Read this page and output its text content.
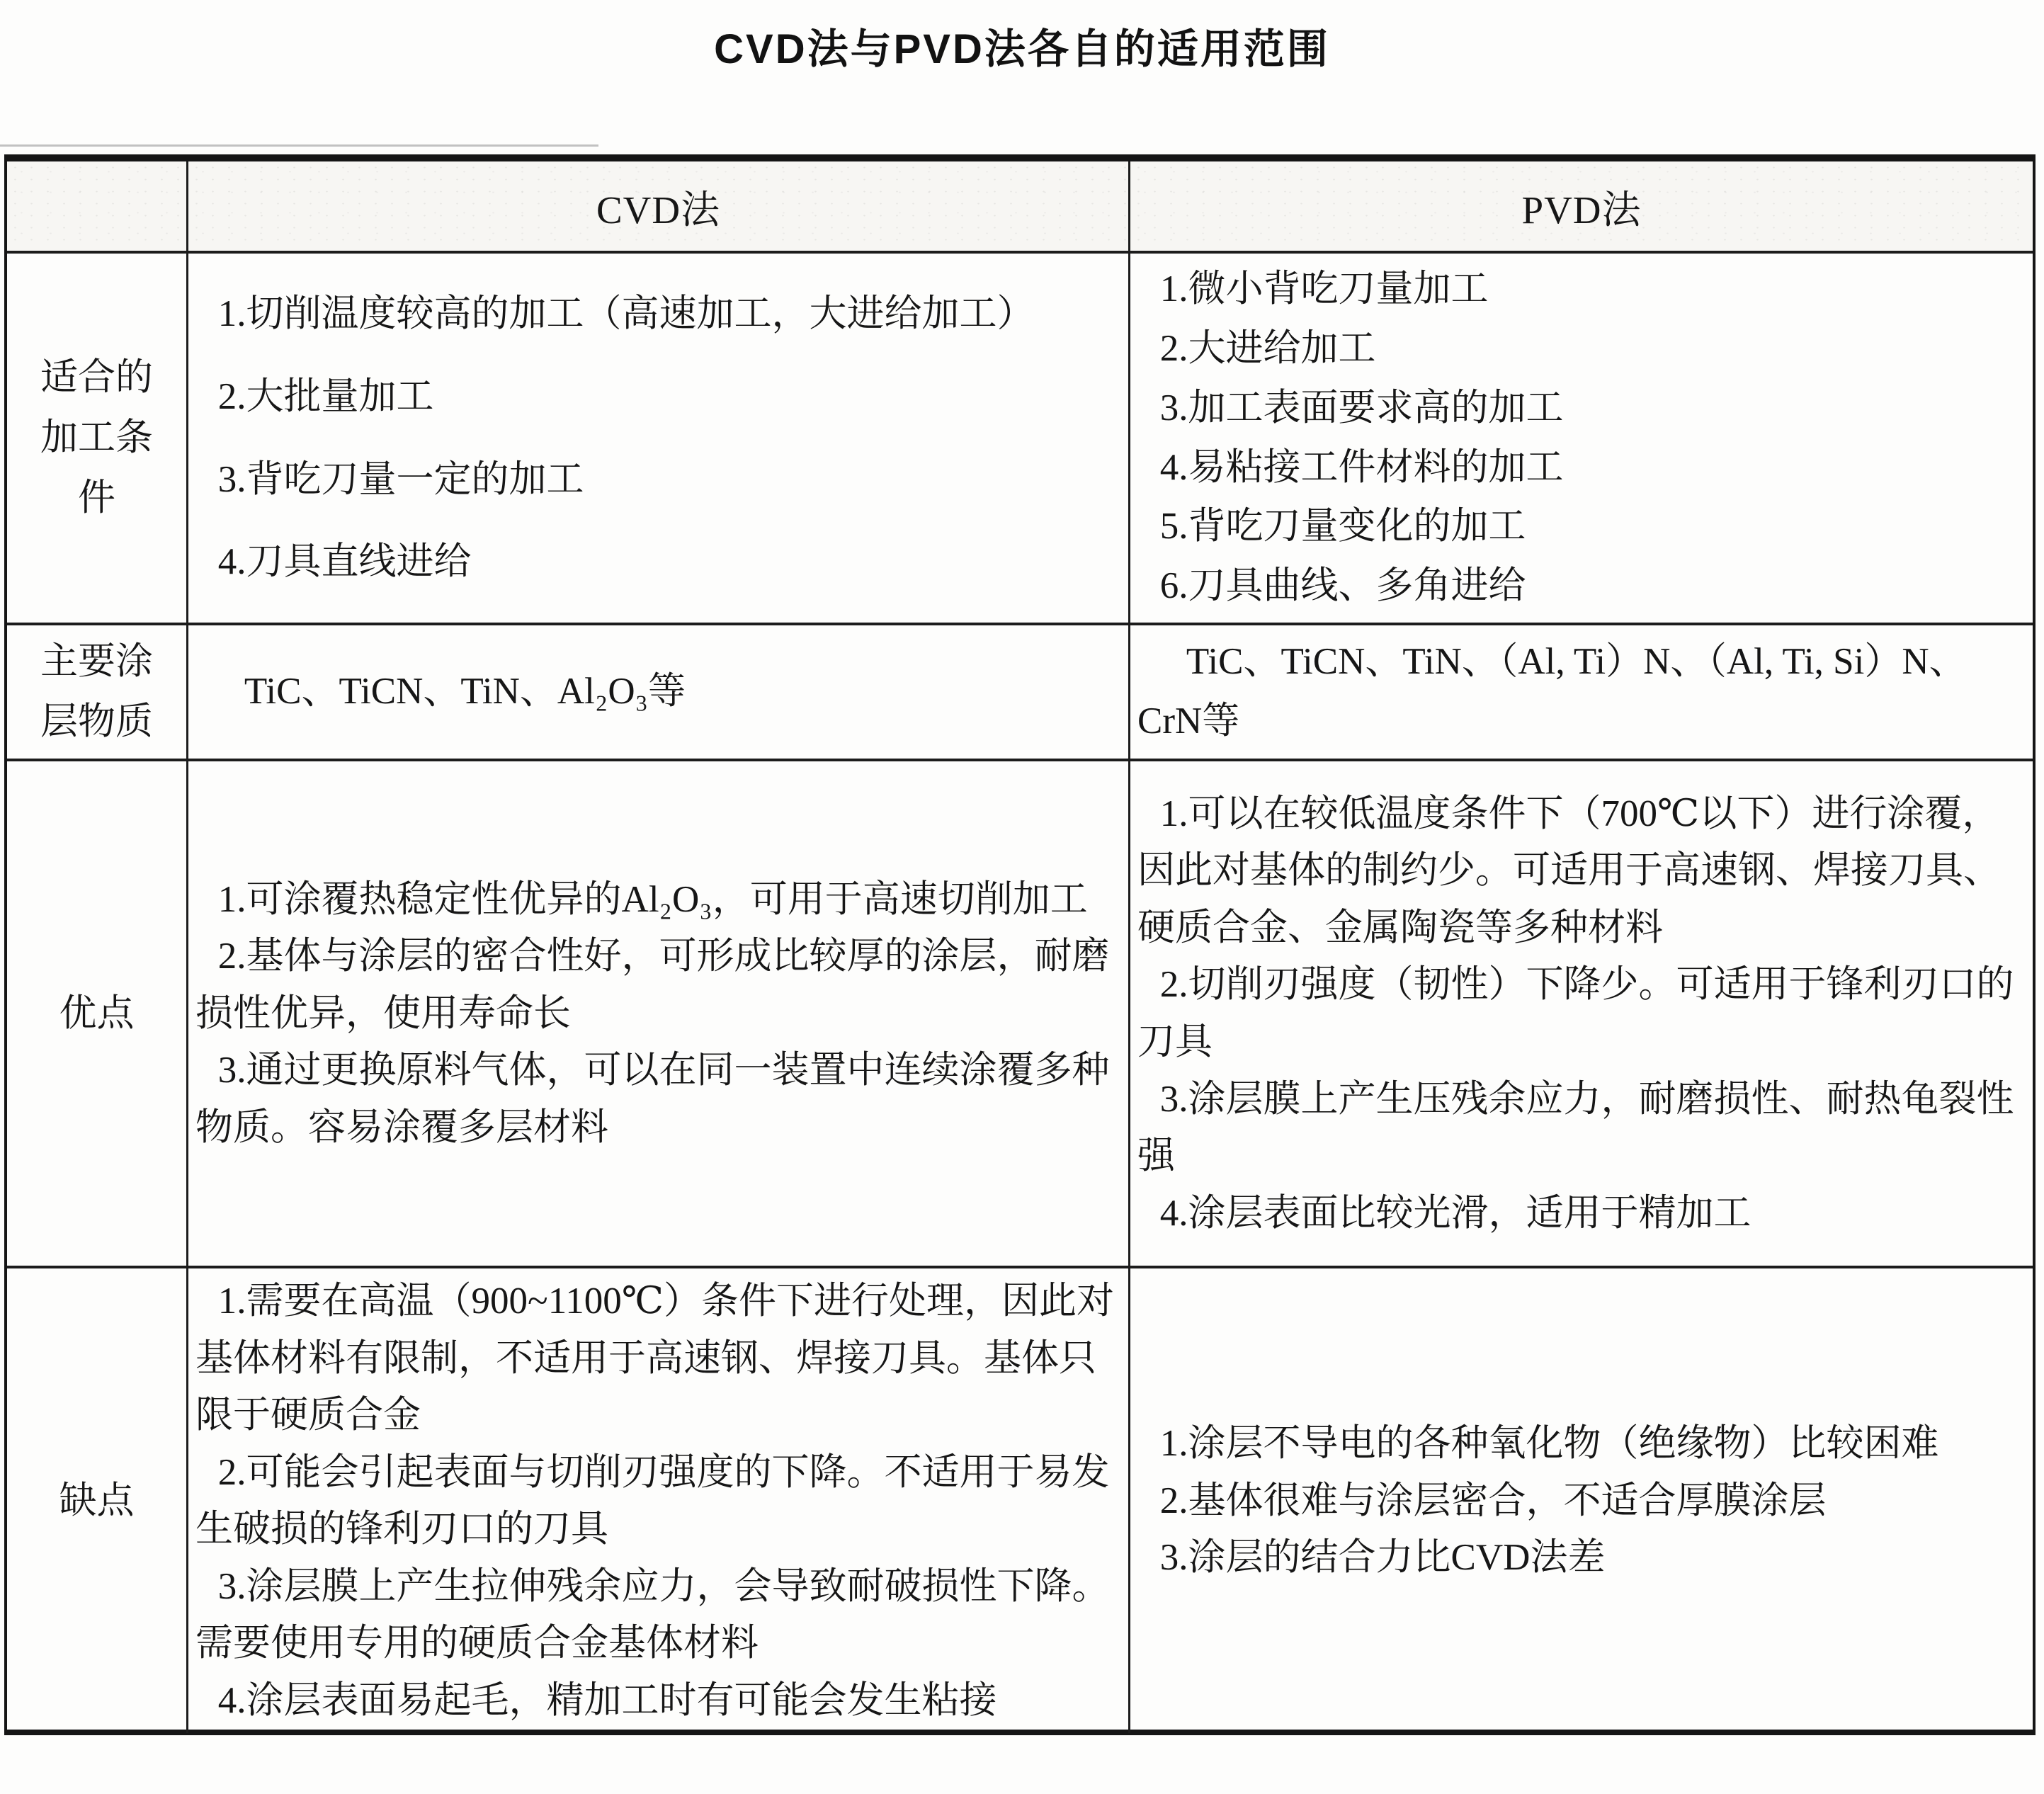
CVD法与PVD法各自的适用范围
CVD法	PVD法
适合的加工条件

1.切削温度较高的加工（高速加工，大进给加工）

2.大批量加工

3.背吃刀量一定的加工

4.刀具直线进给

1.微小背吃刀量加工

2.大进给加工

3.加工表面要求高的加工

4.易粘接工件材料的加工

5.背吃刀量变化的加工

6.刀具曲线、多角进给

主要涂层物质

TiC、TiCN、TiN、Al₂O₃等

TiC、TiCN、TiN、（Al, Ti）N、（Al, Ti, Si）N、CrN等

优点

1.可涂覆热稳定性优异的Al₂O₃，可用于高速切削加工

2.基体与涂层的密合性好，可形成比较厚的涂层，耐磨损性优异，使用寿命长

3.通过更换原料气体，可以在同一装置中连续涂覆多种物质。容易涂覆多层材料

1.可以在较低温度条件下（700℃以下）进行涂覆，因此对基体的制约少。可适用于高速钢、焊接刀具、硬质合金、金属陶瓷等多种材料

2.切削刃强度（韧性）下降少。可适用于锋利刃口的刀具

3.涂层膜上产生压残余应力，耐磨损性、耐热龟裂性强

4.涂层表面比较光滑，适用于精加工

缺点

1.需要在高温（900~1100℃）条件下进行处理，因此对基体材料有限制，不适用于高速钢、焊接刀具。基体只限于硬质合金

2.可能会引起表面与切削刃强度的下降。不适用于易发生破损的锋利刃口的刀具

3.涂层膜上产生拉伸残余应力，会导致耐破损性下降。需要使用专用的硬质合金基体材料

4.涂层表面易起毛，精加工时有可能会发生粘接

1.涂层不导电的各种氧化物（绝缘物）比较困难

2.基体很难与涂层密合，不适合厚膜涂层

3.涂层的结合力比CVD法差
